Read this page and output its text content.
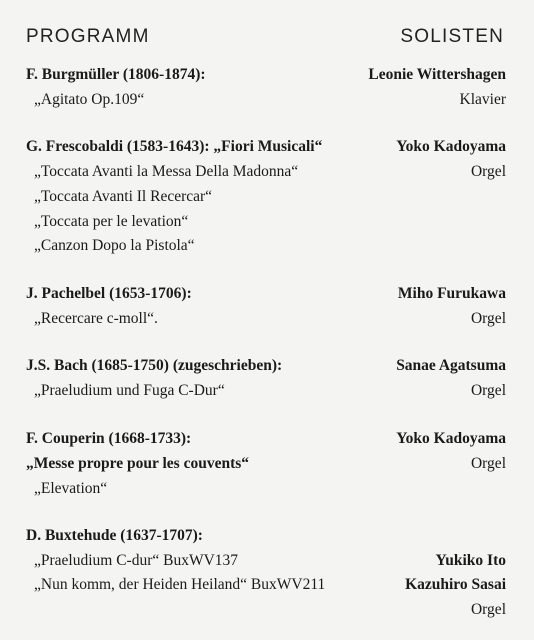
PROGRAMM	SOLISTEN
F. Burgmüller (1806-1874):	Leonie Wittershagen
„Agitato Op.109“	Klavier
G. Frescobaldi (1583-1643): „Fiori Musicali“	Yoko Kadoyama
„Toccata Avanti la Messa Della Madonna“	Orgel
„Toccata Avanti Il Recercar“
„Toccata per le levation“
„Canzon Dopo la Pistola“
J. Pachelbel (1653-1706):	Miho Furukawa
„Recercare c-moll“.	Orgel
J.S. Bach (1685-1750) (zugeschrieben):	Sanae Agatsuma
„Praeludium und Fuga C-Dur“	Orgel
F. Couperin (1668-1733):	Yoko Kadoyama
„Messe propre pour les couvents“	Orgel
„Elevation“
D. Buxtehude (1637-1707):
„Praeludium C-dur“ BuxWV137	Yukiko Ito
„Nun komm, der Heiden Heiland“ BuxWV211	Kazuhiro Sasai
Orgel
